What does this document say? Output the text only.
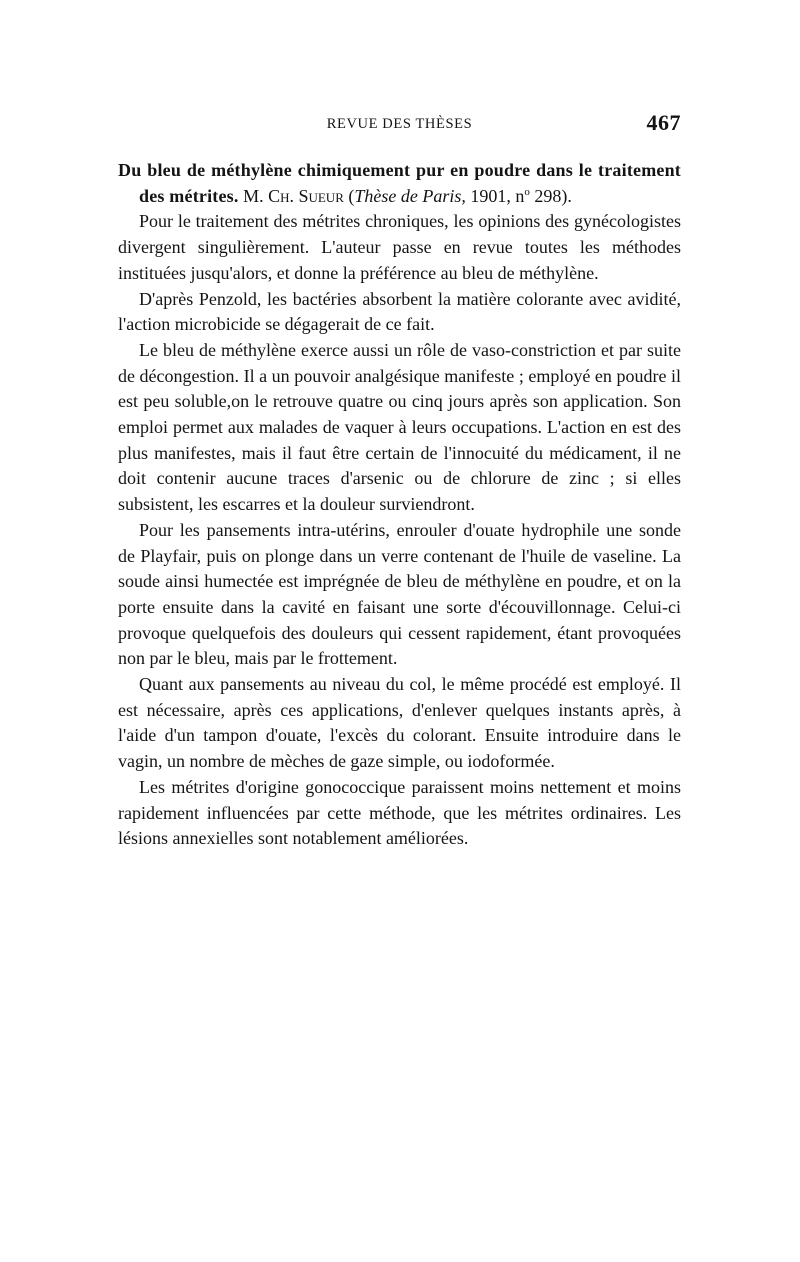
REVUE DES THÈSES	467

Du bleu de méthylène chimiquement pur en poudre dans le traitement des métrites. M. Ch. Sueur (Thèse de Paris, 1901, $n^o$ 298).

Pour le traitement des métrites chroniques, les opinions des gynécologistes divergent singulièrement. L'auteur passe en revue toutes les méthodes instituées jusqu'alors, et donne la préférence au bleu de méthylène.

D'après Penzold, les bactéries absorbent la matière colorante avec avidité, l'action microbicide se dégagerait de ce fait.

Le bleu de méthylène exerce aussi un rôle de vaso-constriction et par suite de décongestion. Il a un pouvoir analgésique manifeste ; employé en poudre il est peu soluble,on le retrouve quatre ou cinq jours après son application. Son emploi permet aux malades de vaquer à leurs occupations. L'action en est des plus manifestes, mais il faut être certain de l'innocuité du médicament, il ne doit contenir aucune traces d'arsenic ou de chlorure de zinc ; si elles subsistent, les escarres et la douleur surviendront.

Pour les pansements intra-utérins, enrouler d'ouate hydrophile une sonde de Playfair, puis on plonge dans un verre contenant de l'huile de vaseline. La soude ainsi humectée est imprégnée de bleu de méthylène en poudre, et on la porte ensuite dans la cavité en faisant une sorte d'écouvillonnage. Celui-ci provoque quelquefois des douleurs qui cessent rapidement, étant provoquées non par le bleu, mais par le frottement.

Quant aux pansements au niveau du col, le même procédé est employé. Il est nécessaire, après ces applications, d'enlever quelques instants après, à l'aide d'un tampon d'ouate, l'excès du colorant. Ensuite introduire dans le vagin, un nombre de mèches de gaze simple, ou iodoformée.

Les métrites d'origine gonococcique paraissent moins nettement et moins rapidement influencées par cette méthode, que les métrites ordinaires. Les lésions annexielles sont notablement améliorées.
